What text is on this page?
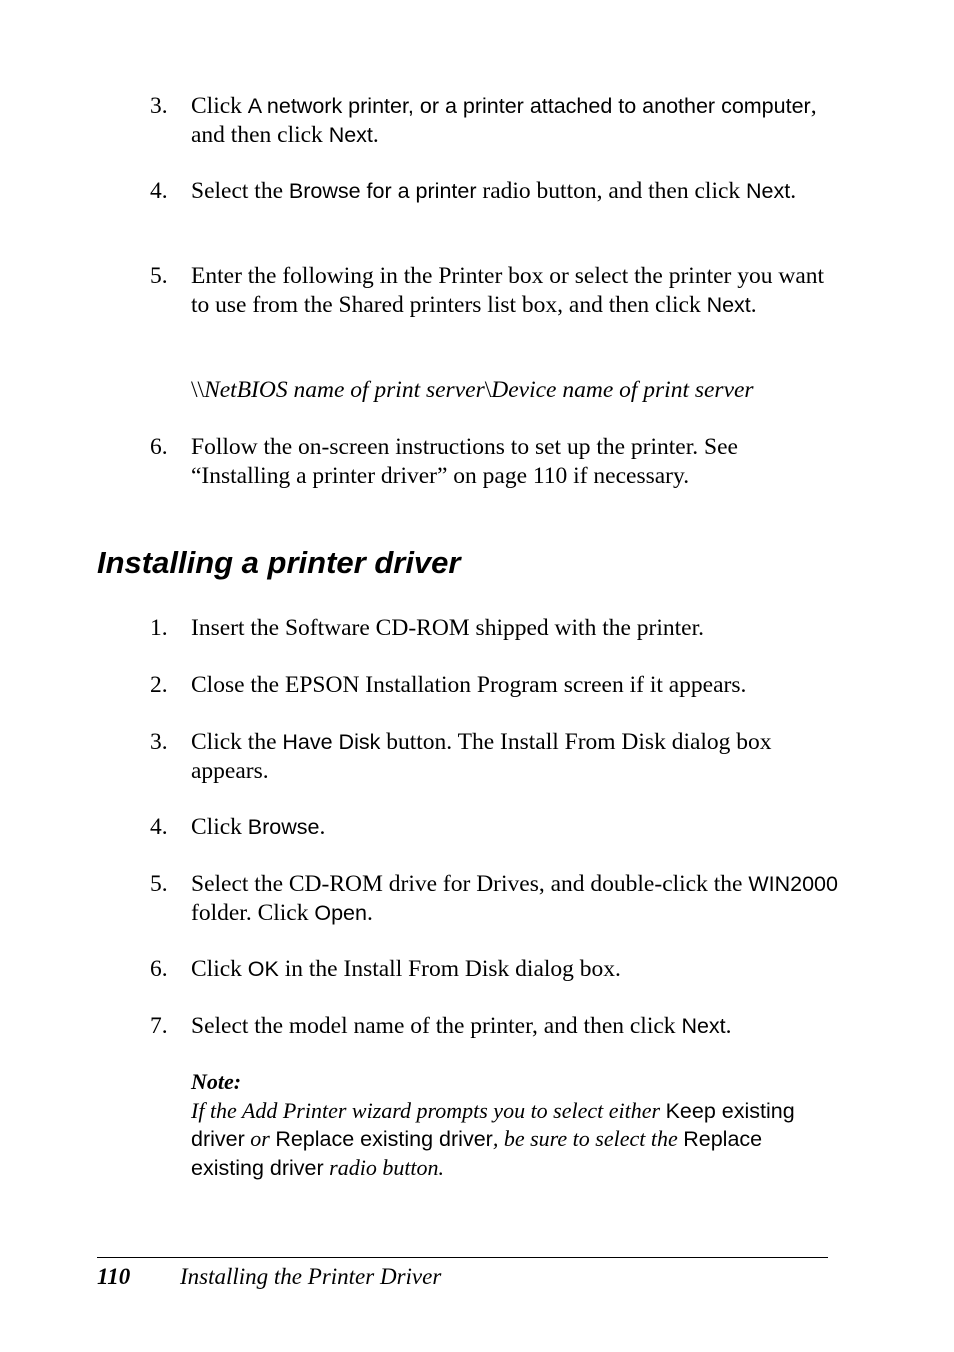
3. Click A network printer, or a printer attached to another computer, and then click Next.
4. Select the Browse for a printer radio button, and then click Next.
5. Enter the following in the Printer box or select the printer you want to use from the Shared printers list box, and then click Next.
\\NetBIOS name of print server\Device name of print server
6. Follow the on-screen instructions to set up the printer. See “Installing a printer driver” on page 110 if necessary.
Installing a printer driver
1. Insert the Software CD-ROM shipped with the printer.
2. Close the EPSON Installation Program screen if it appears.
3. Click the Have Disk button. The Install From Disk dialog box appears.
4. Click Browse.
5. Select the CD-ROM drive for Drives, and double-click the WIN2000 folder. Click Open.
6. Click OK in the Install From Disk dialog box.
7. Select the model name of the printer, and then click Next.
Note:
If the Add Printer wizard prompts you to select either Keep existing driver or Replace existing driver, be sure to select the Replace existing driver radio button.
110 Installing the Printer Driver
